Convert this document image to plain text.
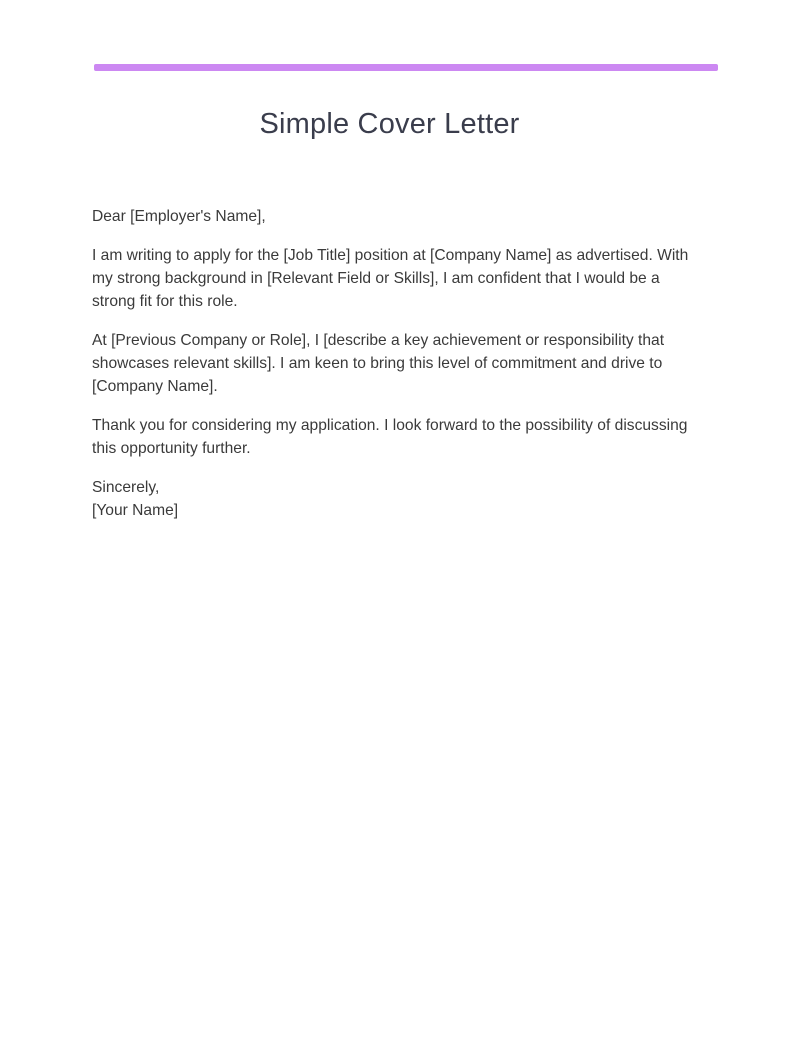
Simple Cover Letter

Dear [Employer's Name],

I am writing to apply for the [Job Title] position at [Company Name] as advertised. With my strong background in [Relevant Field or Skills], I am confident that I would be a strong fit for this role.

At [Previous Company or Role], I [describe a key achievement or responsibility that showcases relevant skills]. I am keen to bring this level of commitment and drive to [Company Name].

Thank you for considering my application. I look forward to the possibility of discussing this opportunity further.

Sincerely,
[Your Name]
